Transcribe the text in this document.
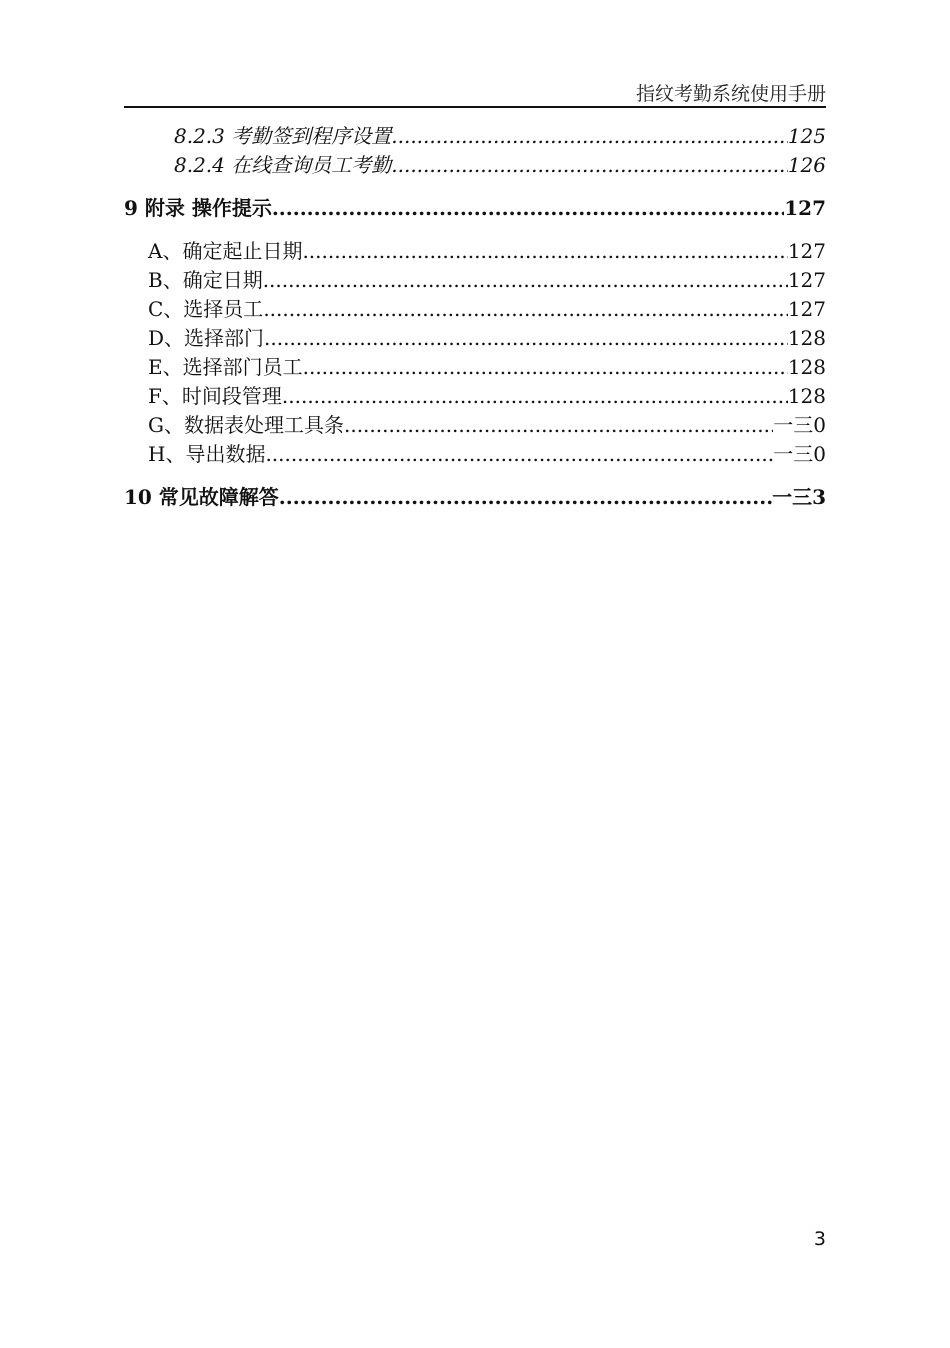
指纹考勤系统使用手册
8.2.3 考勤签到程序设置 .....	125
8.2.4 在线查询员工考勤 .....	126
9 附录 操作提示 .....	127
A、确定起止日期 .....	127
B、确定日期 .....	127
C、选择员工 .....	127
D、选择部门 .....	128
E、选择部门员工 .....	128
F、时间段管理 .....	128
G、数据表处理工具条 .....	一三0
H、导出数据 .....	一三0
10 常见故障解答 .....	一三3
3
